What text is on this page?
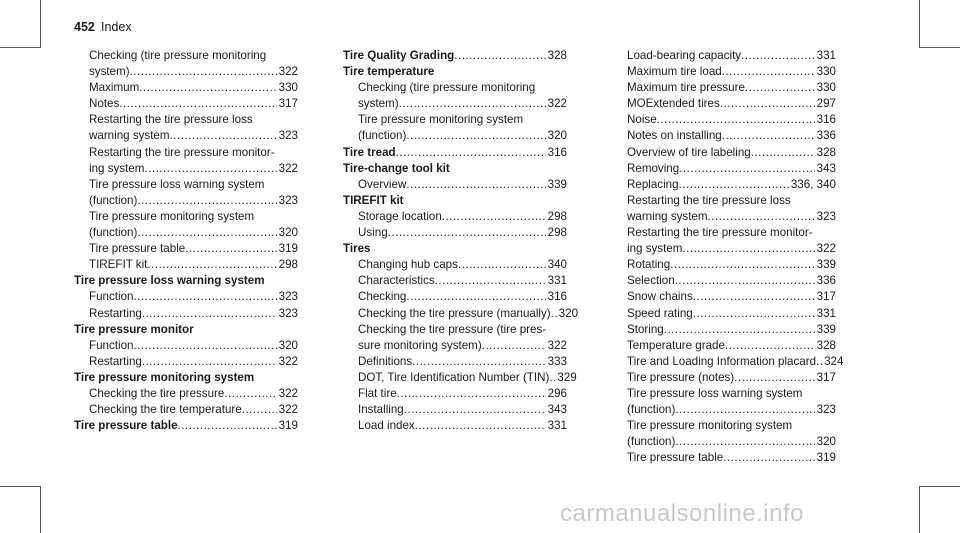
452 Index
Checking (tire pressure monitoring
system) .....	322
Maximum .....	330
Notes .....	317
Restarting the tire pressure loss
warning system .....	323
Restarting the tire pressure monitor-
ing system .....	322
Tire pressure loss warning system
(function) .....	323
Tire pressure monitoring system
(function) .....	320
Tire pressure table .....	319
TIREFIT kit .....	298
Tire pressure loss warning system
Function .....	323
Restarting .....	323
Tire pressure monitor
Function .....	320
Restarting .....	322
Tire pressure monitoring system
Checking the tire pressure .....	322
Checking the tire temperature .....	322
Tire pressure table .....	319
Tire Quality Grading .....	328
Tire temperature
Checking (tire pressure monitoring
system) .....	322
Tire pressure monitoring system
(function) .....	320
Tire tread .....	316
Tire-change tool kit
Overview .....	339
TIREFIT kit
Storage location .....	298
Using .....	298
Tires
Changing hub caps .....	340
Characteristics .....	331
Checking .....	316
Checking the tire pressure (manually) ..... 320
Checking the tire pressure (tire pres-
sure monitoring system) .....	322
Definitions .....	333
DOT, Tire Identification Number (TIN) ..... 329
Flat tire .....	296
Installing .....	343
Load index .....	331
Load-bearing capacity .....	331
Maximum tire load .....	330
Maximum tire pressure .....	330
MOExtended tires .....	297
Noise .....	316
Notes on installing .....	336
Overview of tire labeling .....	328
Removing .....	343
Replacing .....	336, 340
Restarting the tire pressure loss
warning system .....	323
Restarting the tire pressure monitor-
ing system .....	322
Rotating .....	339
Selection .....	336
Snow chains .....	317
Speed rating .....	331
Storing .....	339
Temperature grade .....	328
Tire and Loading Information placard ..... 324
Tire pressure (notes) .....	317
Tire pressure loss warning system
(function) .....	323
Tire pressure monitoring system
(function) .....	320
Tire pressure table .....	319
carmanualsonline.info
